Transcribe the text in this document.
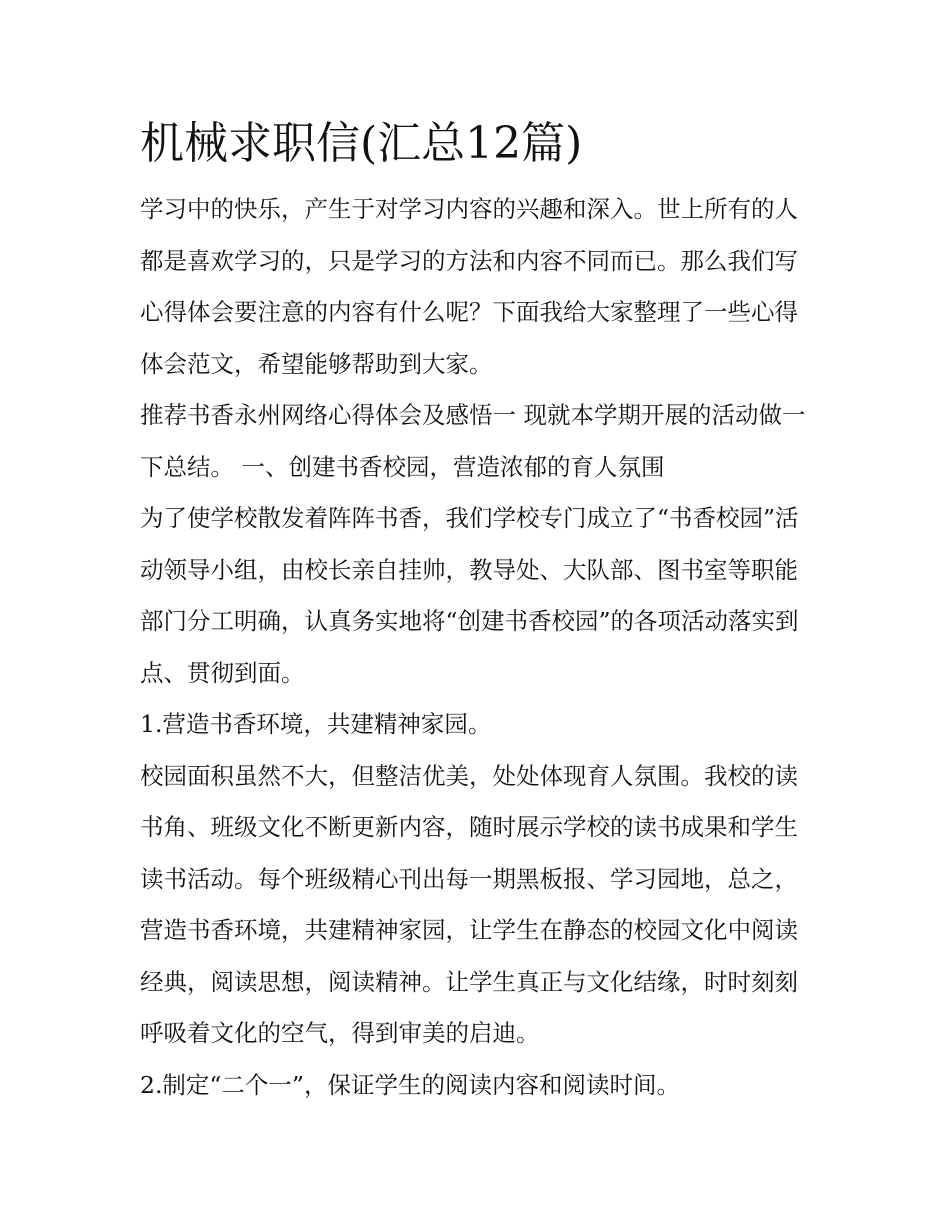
机械求职信(汇总12篇)

学习中的快乐，产生于对学习内容的兴趣和深入。世上所有的人都是喜欢学习的，只是学习的方法和内容不同而已。那么我们写心得体会要注意的内容有什么呢？下面我给大家整理了一些心得体会范文，希望能够帮助到大家。

推荐书香永州网络心得体会及感悟一 现就本学期开展的活动做一下总结。 一、创建书香校园，营造浓郁的育人氛围

为了使学校散发着阵阵书香，我们学校专门成立了“书香校园”活动领导小组，由校长亲自挂帅，教导处、大队部、图书室等职能部门分工明确，认真务实地将“创建书香校园”的各项活动落实到点、贯彻到面。

1.营造书香环境，共建精神家园。

校园面积虽然不大，但整洁优美，处处体现育人氛围。我校的读书角、班级文化不断更新内容，随时展示学校的读书成果和学生读书活动。每个班级精心刊出每一期黑板报、学习园地，总之，营造书香环境，共建精神家园，让学生在静态的校园文化中阅读经典，阅读思想，阅读精神。让学生真正与文化结缘，时时刻刻呼吸着文化的空气，得到审美的启迪。

2.制定“二个一”，保证学生的阅读内容和阅读时间。
